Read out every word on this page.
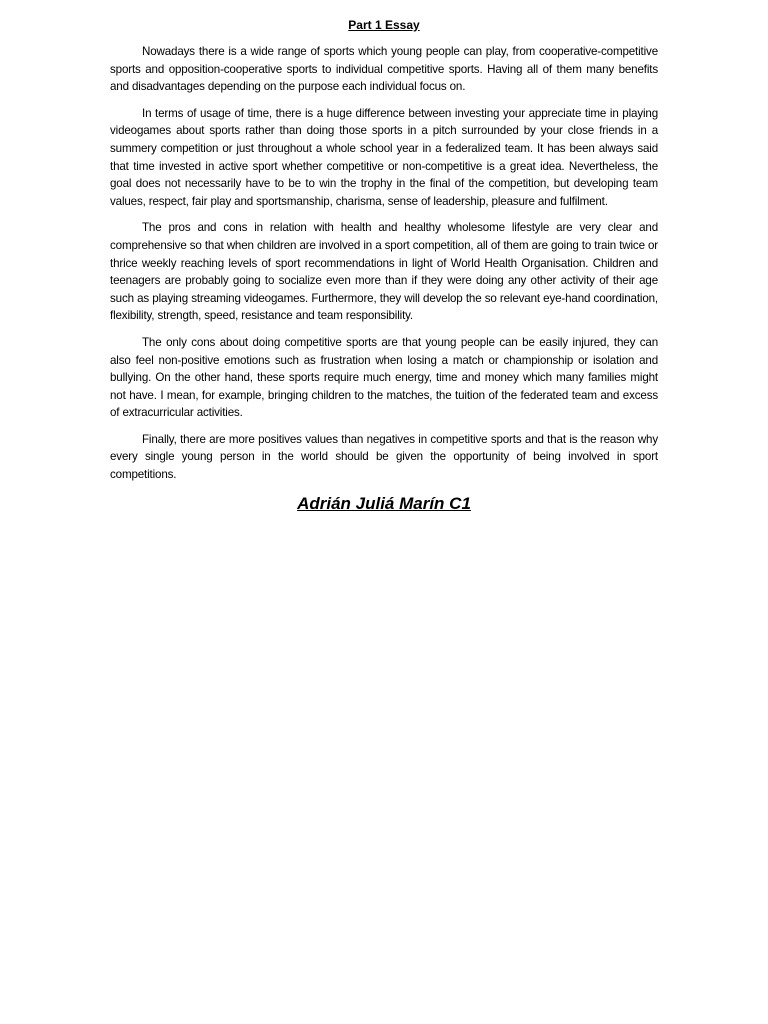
Part 1 Essay

Nowadays there is a wide range of sports which young people can play, from cooperative-competitive sports and opposition-cooperative sports to individual competitive sports. Having all of them many benefits and disadvantages depending on the purpose each individual focus on.

In terms of usage of time, there is a huge difference between investing your appreciate time in playing videogames about sports rather than doing those sports in a pitch surrounded by your close friends in a summery competition or just throughout a whole school year in a federalized team. It has been always said that time invested in active sport whether competitive or non-competitive is a great idea. Nevertheless, the goal does not necessarily have to be to win the trophy in the final of the competition, but developing team values, respect, fair play and sportsmanship, charisma, sense of leadership, pleasure and fulfilment.

The pros and cons in relation with health and healthy wholesome lifestyle are very clear and comprehensive so that when children are involved in a sport competition, all of them are going to train twice or thrice weekly reaching levels of sport recommendations in light of World Health Organisation. Children and teenagers are probably going to socialize even more than if they were doing any other activity of their age such as playing streaming videogames. Furthermore, they will develop the so relevant eye-hand coordination, flexibility, strength, speed, resistance and team responsibility.

The only cons about doing competitive sports are that young people can be easily injured, they can also feel non-positive emotions such as frustration when losing a match or championship or isolation and bullying. On the other hand, these sports require much energy, time and money which many families might not have. I mean, for example, bringing children to the matches, the tuition of the federated team and excess of extracurricular activities.

Finally, there are more positives values than negatives in competitive sports and that is the reason why every single young person in the world should be given the opportunity of being involved in sport competitions.

Adrián Juliá Marín C1
